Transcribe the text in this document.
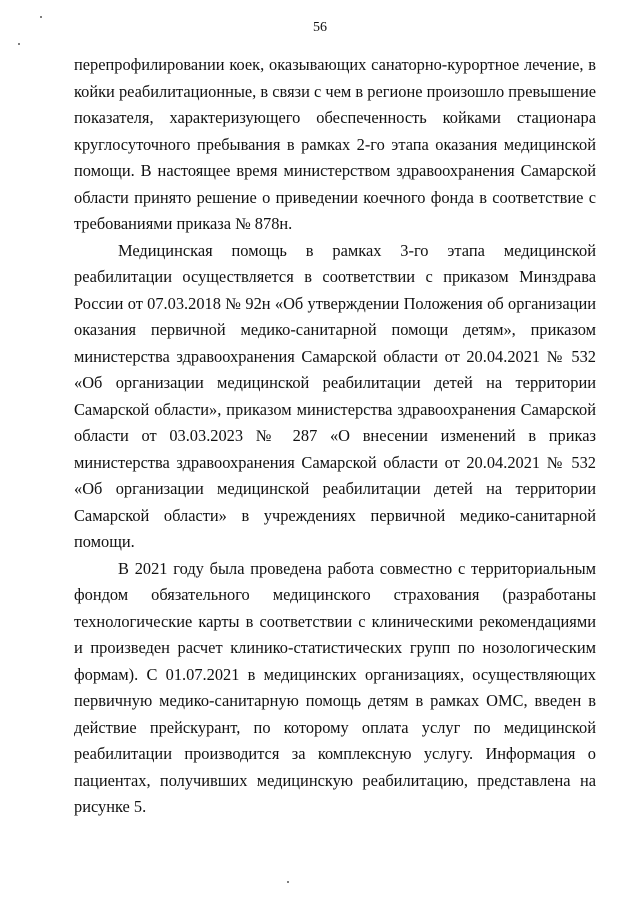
56

перепрофилировании коек, оказывающих санаторно-курортное лечение, в койки реабилитационные, в связи с чем в регионе произошло превышение показателя, характеризующего обеспеченность койками стационара круглосуточного пребывания в рамках 2-го этапа оказания медицинской помощи. В настоящее время министерством здравоохранения Самарской области принято решение о приведении коечного фонда в соответствие с требованиями приказа № 878н.

Медицинская помощь в рамках 3-го этапа медицинской реабилитации осуществляется в соответствии с приказом Минздрава России от 07.03.2018 № 92н «Об утверждении Положения об организации оказания первичной медико-санитарной помощи детям», приказом министерства здравоохранения Самарской области от 20.04.2021 № 532 «Об организации медицинской реабилитации детей на территории Самарской области», приказом министерства здравоохранения Самарской области от 03.03.2023 № 287 «О внесении изменений в приказ министерства здравоохранения Самарской области от 20.04.2021 № 532 «Об организации медицинской реабилитации детей на территории Самарской области» в учреждениях первичной медико-санитарной помощи.

В 2021 году была проведена работа совместно с территориальным фондом обязательного медицинского страхования (разработаны технологические карты в соответствии с клиническими рекомендациями и произведен расчет клинико-статистических групп по нозологическим формам). С 01.07.2021 в медицинских организациях, осуществляющих первичную медико-санитарную помощь детям в рамках ОМС, введен в действие прейскурант, по которому оплата услуг по медицинской реабилитации производится за комплексную услугу. Информация о пациентах, получивших медицинскую реабилитацию, представлена на рисунке 5.
